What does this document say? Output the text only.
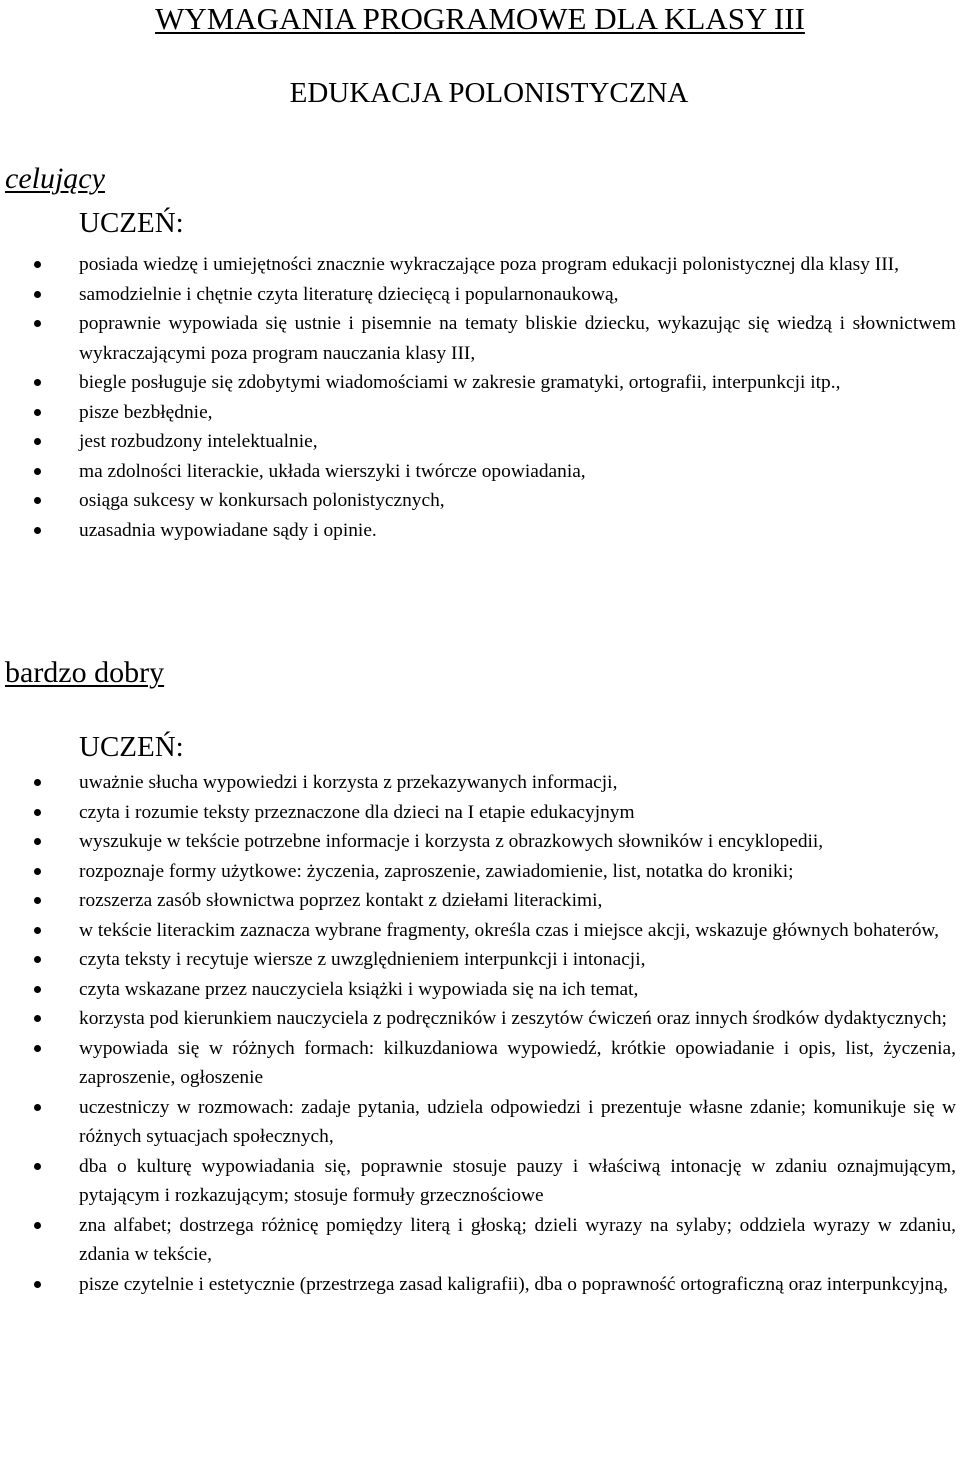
WYMAGANIA PROGRAMOWE DLA KLASY III
EDUKACJA POLONISTYCZNA
celujący
UCZEŃ:
posiada wiedzę i umiejętności znacznie wykraczające poza program edukacji polonistycznej dla klasy III,
samodzielnie i chętnie czyta literaturę dziecięcą i popularnonaukową,
poprawnie wypowiada się ustnie i pisemnie na tematy bliskie dziecku, wykazując się wiedzą i słownictwem wykraczającymi poza program nauczania klasy III,
biegle posługuje się zdobytymi wiadomościami w zakresie gramatyki, ortografii, interpunkcji itp.,
pisze bezbłędnie,
jest rozbudzony intelektualnie,
ma zdolności literackie, układa wierszyki i twórcze opowiadania,
osiąga sukcesy w konkursach polonistycznych,
uzasadnia wypowiadane sądy i opinie.
bardzo dobry
UCZEŃ:
uważnie słucha wypowiedzi i korzysta z przekazywanych informacji,
czyta i rozumie teksty przeznaczone dla dzieci na I etapie edukacyjnym
wyszukuje w tekście potrzebne informacje i korzysta z obrazkowych słowników i encyklopedii,
rozpoznaje formy użytkowe: życzenia, zaproszenie, zawiadomienie, list, notatka do kroniki;
rozszerza zasób słownictwa poprzez kontakt z dziełami literackimi,
w tekście literackim zaznacza wybrane fragmenty, określa czas i miejsce akcji, wskazuje głównych bohaterów,
czyta teksty i recytuje wiersze z uwzględnieniem interpunkcji i intonacji,
czyta wskazane przez nauczyciela książki i wypowiada się na ich temat,
korzysta pod kierunkiem nauczyciela z podręczników i zeszytów ćwiczeń oraz innych środków dydaktycznych;
wypowiada się w różnych formach: kilkuzdaniowa wypowiedź, krótkie opowiadanie i opis, list, życzenia, zaproszenie, ogłoszenie
uczestniczy w rozmowach: zadaje pytania, udziela odpowiedzi i prezentuje własne zdanie; komunikuje się w różnych sytuacjach społecznych,
dba o kulturę wypowiadania się, poprawnie stosuje pauzy i właściwą intonację w zdaniu oznajmującym, pytającym i rozkazującym; stosuje formuły grzecznościowe
zna alfabet; dostrzega różnicę pomiędzy literą i głoską; dzieli wyrazy na sylaby; oddziela wyrazy w zdaniu, zdania w tekście,
pisze czytelnie i estetycznie (przestrzega zasad kaligrafii), dba o poprawność ortograficzną oraz interpunkcyjną,
